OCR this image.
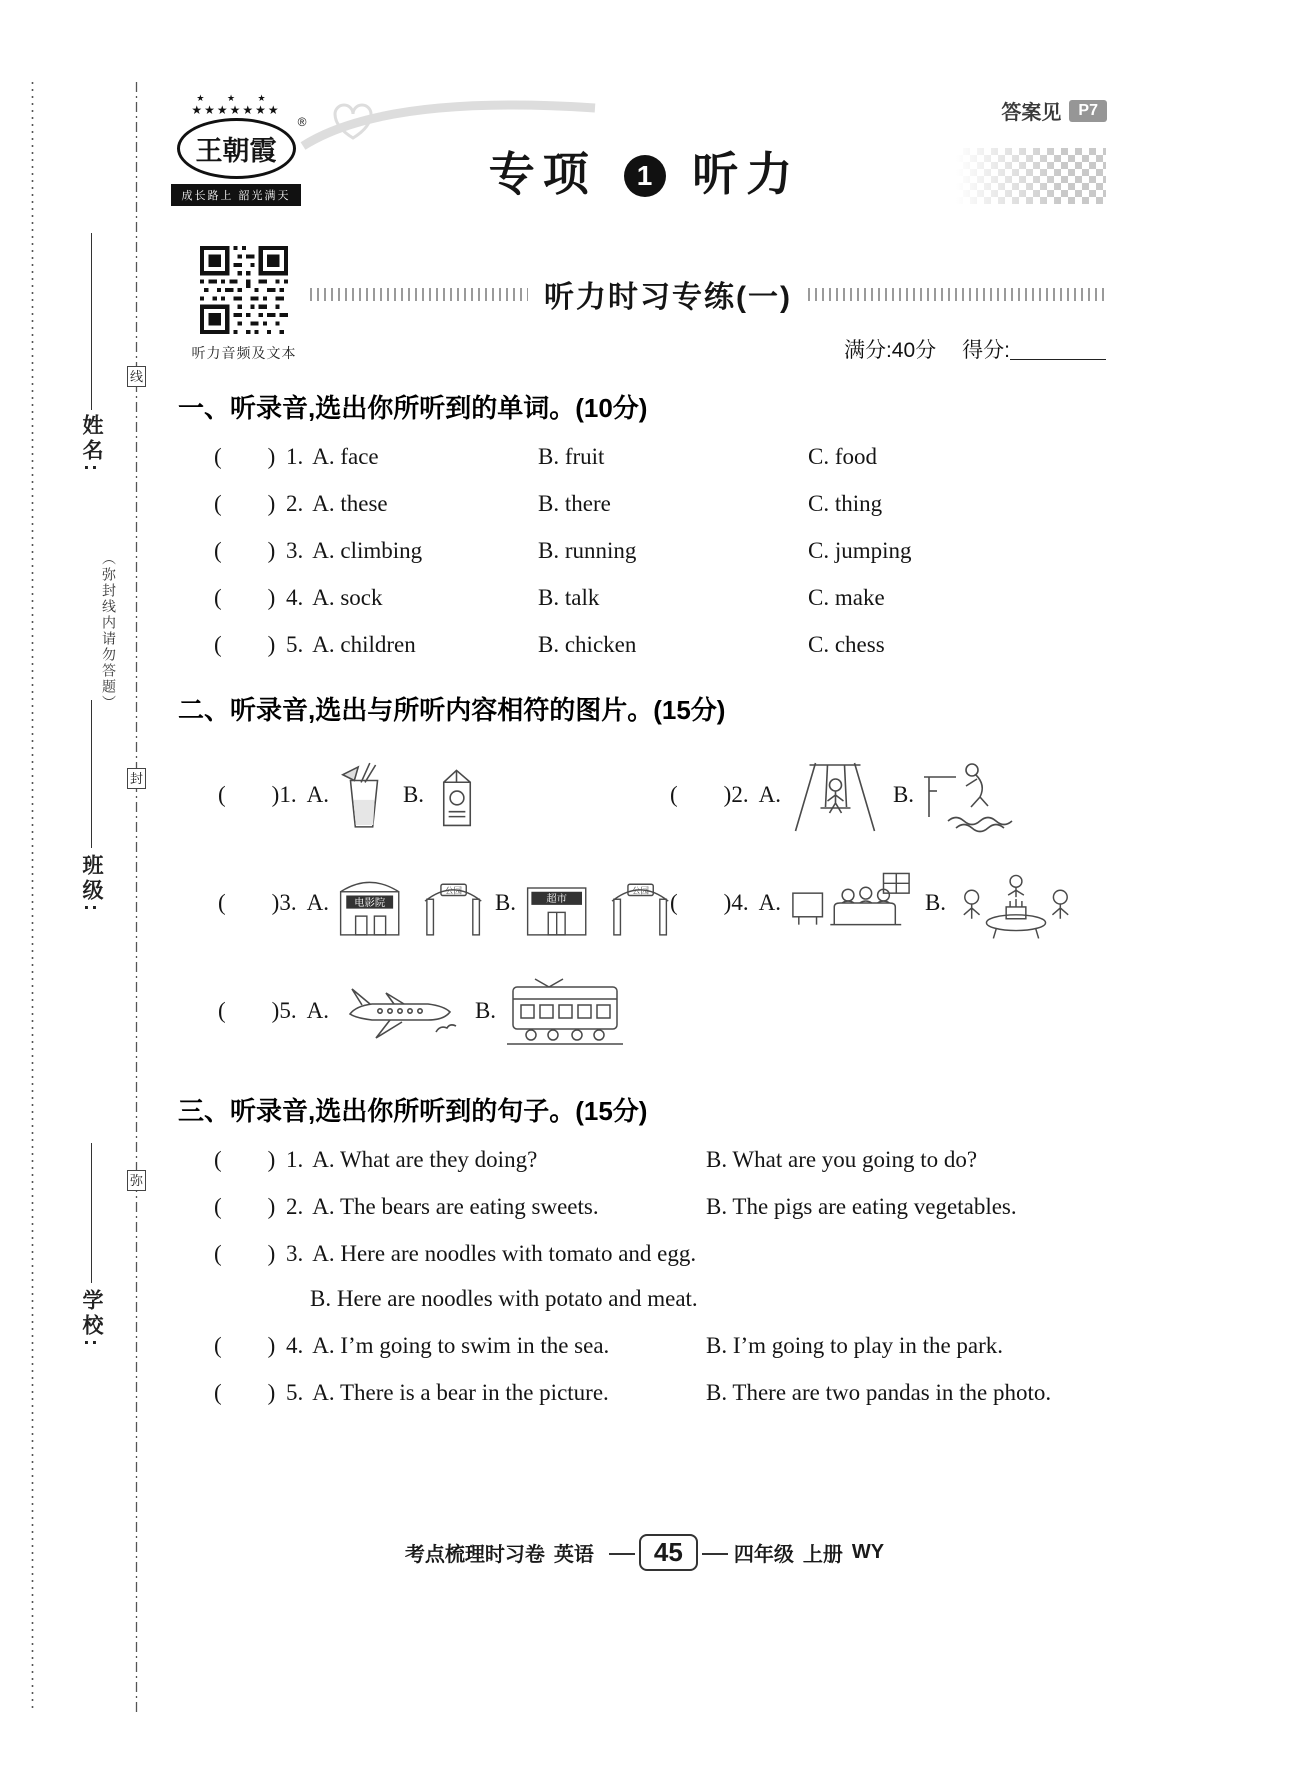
姓名:
（弥封线内请勿答题）
班级:
学校:
线
封
弥
答案见	P7
★ ★ ★
★★★★★★★
王朝霞
®
成长路上 韶光满天	专项 1 听力
听力音频及文本
听力时习专练(一)
满分:40分 得分:
一、听录音,选出你所听到的单词。(10分)
(        ) 1. A. face	B. fruit	C. food
(        ) 2. A. these	B. there	C. thing
(        ) 3. A. climbing	B. running	C. jumping
(        ) 4. A. sock	B. talk	C. make
(        ) 5. A. children	B. chicken	C. chess
二、听录音,选出与所听内容相符的图片。(15分)
(        ) 1. A.	B.	(        ) 2. A.	B.
(        ) 3. A. 电影院
公园 B.	超市
公园 (        ) 4. A.	B.
(        ) 5. A.	B.
三、听录音,选出你所听到的句子。(15分)
(        ) 1. A. What are they doing?	B. What are you going to do?
(        ) 2. A. The bears are eating sweets.	B. The pigs are eating vegetables.
(        ) 3. A. Here are noodles with tomato and egg.
B. Here are noodles with potato and meat.
(        ) 4. A. I’m going to swim in the sea.	B. I’m going to play in the park.
(        ) 5. A. There is a bear in the picture.	B. There are two pandas in the photo.
考点梳理时习卷 英语	45	四年级 上册 WY
